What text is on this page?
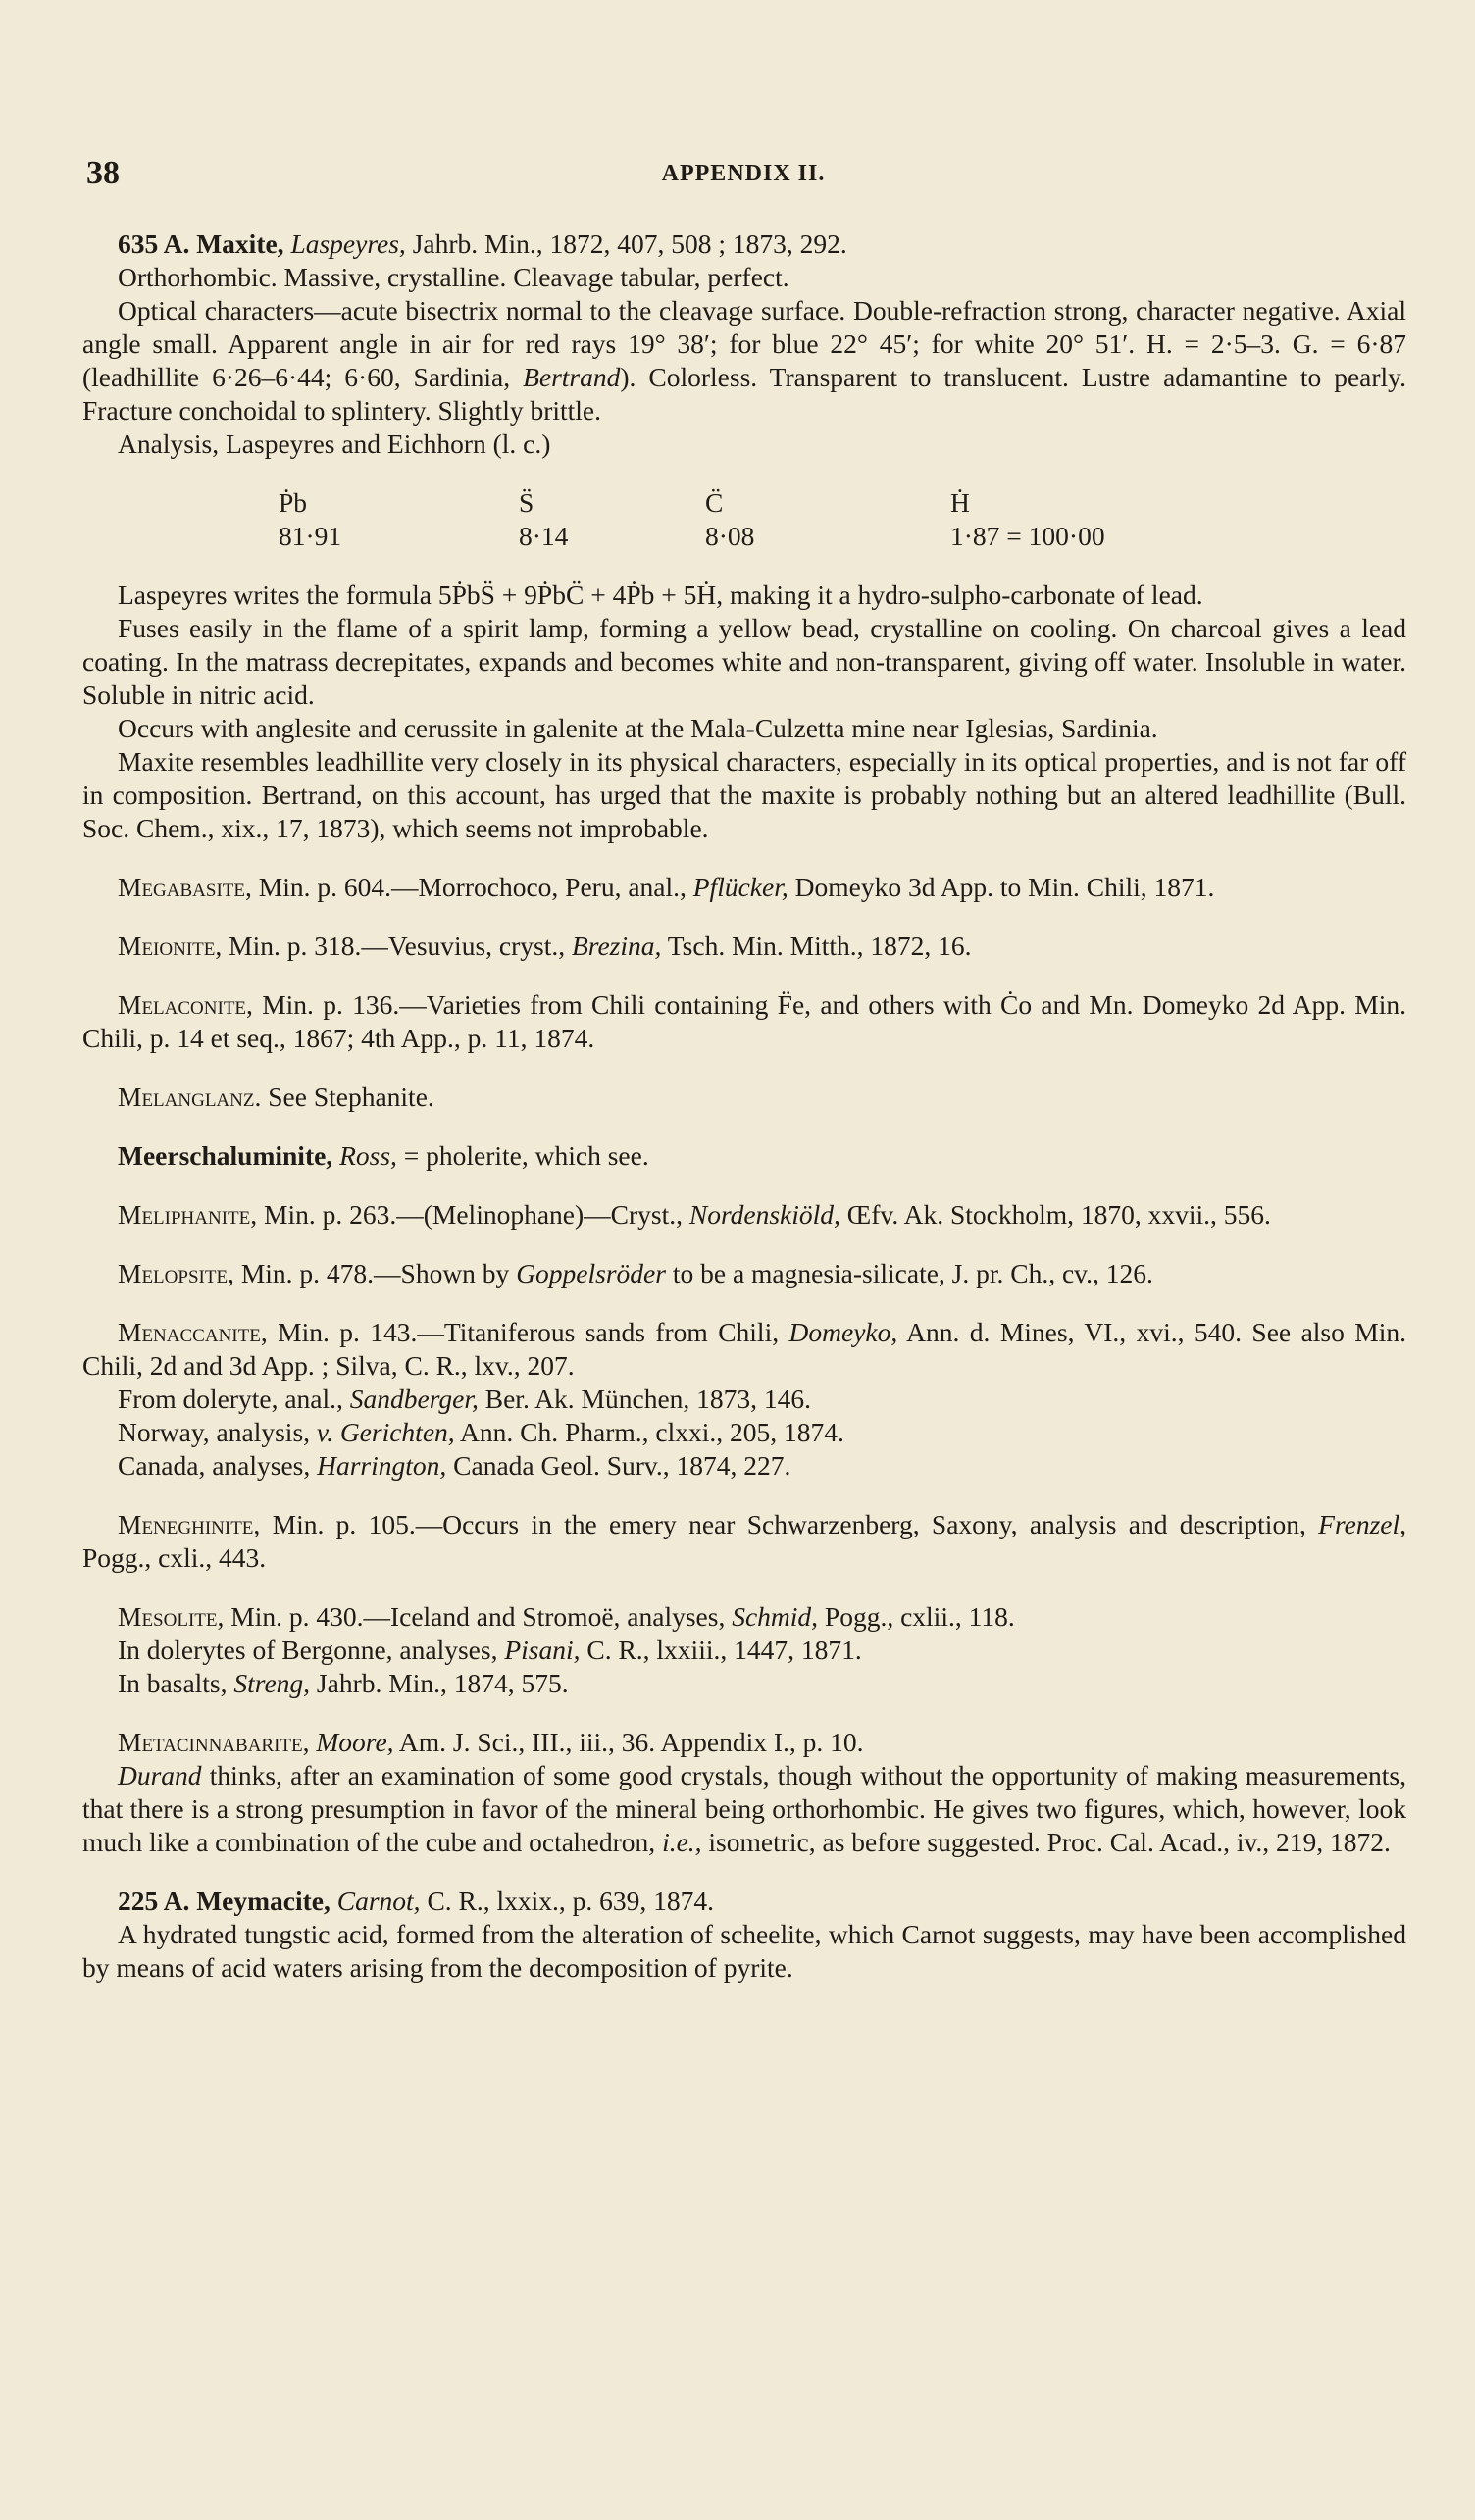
38	APPENDIX II.

635 A. Maxite, Laspeyres, Jahrb. Min., 1872, 407, 508 ; 1873, 292.

Orthorhombic. Massive, crystalline. Cleavage tabular, perfect.

Optical characters—acute bisectrix normal to the cleavage surface. Double-refraction strong, character negative. Axial angle small. Apparent angle in air for red rays 19° 38′; for blue 22° 45′; for white 20° 51′. H. = 2·5–3. G. = 6·87 (leadhillite 6·26–6·44; 6·60, Sardinia, Bertrand). Colorless. Transparent to translucent. Lustre adamantine to pearly. Fracture conchoidal to splintery. Slightly brittle.

Analysis, Laspeyres and Eichhorn (l. c.)

Ṗb	S̈	C̈	Ḣ
81·91	8·14	8·08	1·87 = 100·00

Laspeyres writes the formula 5ṖbS̈ + 9ṖbC̈ + 4Ṗb + 5Ḣ, making it a hydro-sulpho-carbonate of lead.

Fuses easily in the flame of a spirit lamp, forming a yellow bead, crystalline on cooling. On charcoal gives a lead coating. In the matrass decrepitates, expands and becomes white and non-transparent, giving off water. Insoluble in water. Soluble in nitric acid.

Occurs with anglesite and cerussite in galenite at the Mala-Culzetta mine near Iglesias, Sardinia.

Maxite resembles leadhillite very closely in its physical characters, especially in its optical properties, and is not far off in composition. Bertrand, on this account, has urged that the maxite is probably nothing but an altered leadhillite (Bull. Soc. Chem., xix., 17, 1873), which seems not improbable.

Megabasite, Min. p. 604.—Morrochoco, Peru, anal., Pflücker, Domeyko 3d App. to Min. Chili, 1871.

Meionite, Min. p. 318.—Vesuvius, cryst., Brezina, Tsch. Min. Mitth., 1872, 16.

Melaconite, Min. p. 136.—Varieties from Chili containing F̈e, and others with Ċo and Mn. Domeyko 2d App. Min. Chili, p. 14 et seq., 1867; 4th App., p. 11, 1874.

Melanglanz. See Stephanite.

Meerschaluminite, Ross, = pholerite, which see.

Meliphanite, Min. p. 263.—(Melinophane)—Cryst., Nordenskiöld, Œfv. Ak. Stockholm, 1870, xxvii., 556.

Melopsite, Min. p. 478.—Shown by Goppelsröder to be a magnesia-silicate, J. pr. Ch., cv., 126.

Menaccanite, Min. p. 143.—Titaniferous sands from Chili, Domeyko, Ann. d. Mines, VI., xvi., 540. See also Min. Chili, 2d and 3d App. ; Silva, C. R., lxv., 207.

From doleryte, anal., Sandberger, Ber. Ak. München, 1873, 146.

Norway, analysis, v. Gerichten, Ann. Ch. Pharm., clxxi., 205, 1874.

Canada, analyses, Harrington, Canada Geol. Surv., 1874, 227.

Meneghinite, Min. p. 105.—Occurs in the emery near Schwarzenberg, Saxony, analysis and description, Frenzel, Pogg., cxli., 443.

Mesolite, Min. p. 430.—Iceland and Stromoë, analyses, Schmid, Pogg., cxlii., 118.

In dolerytes of Bergonne, analyses, Pisani, C. R., lxxiii., 1447, 1871.

In basalts, Streng, Jahrb. Min., 1874, 575.

Metacinnabarite, Moore, Am. J. Sci., III., iii., 36. Appendix I., p. 10.

Durand thinks, after an examination of some good crystals, though without the opportunity of making measurements, that there is a strong presumption in favor of the mineral being orthorhombic. He gives two figures, which, however, look much like a combination of the cube and octahedron, i.e., isometric, as before suggested. Proc. Cal. Acad., iv., 219, 1872.

225 A. Meymacite, Carnot, C. R., lxxix., p. 639, 1874.

A hydrated tungstic acid, formed from the alteration of scheelite, which Carnot suggests, may have been accomplished by means of acid waters arising from the decomposition of pyrite.
